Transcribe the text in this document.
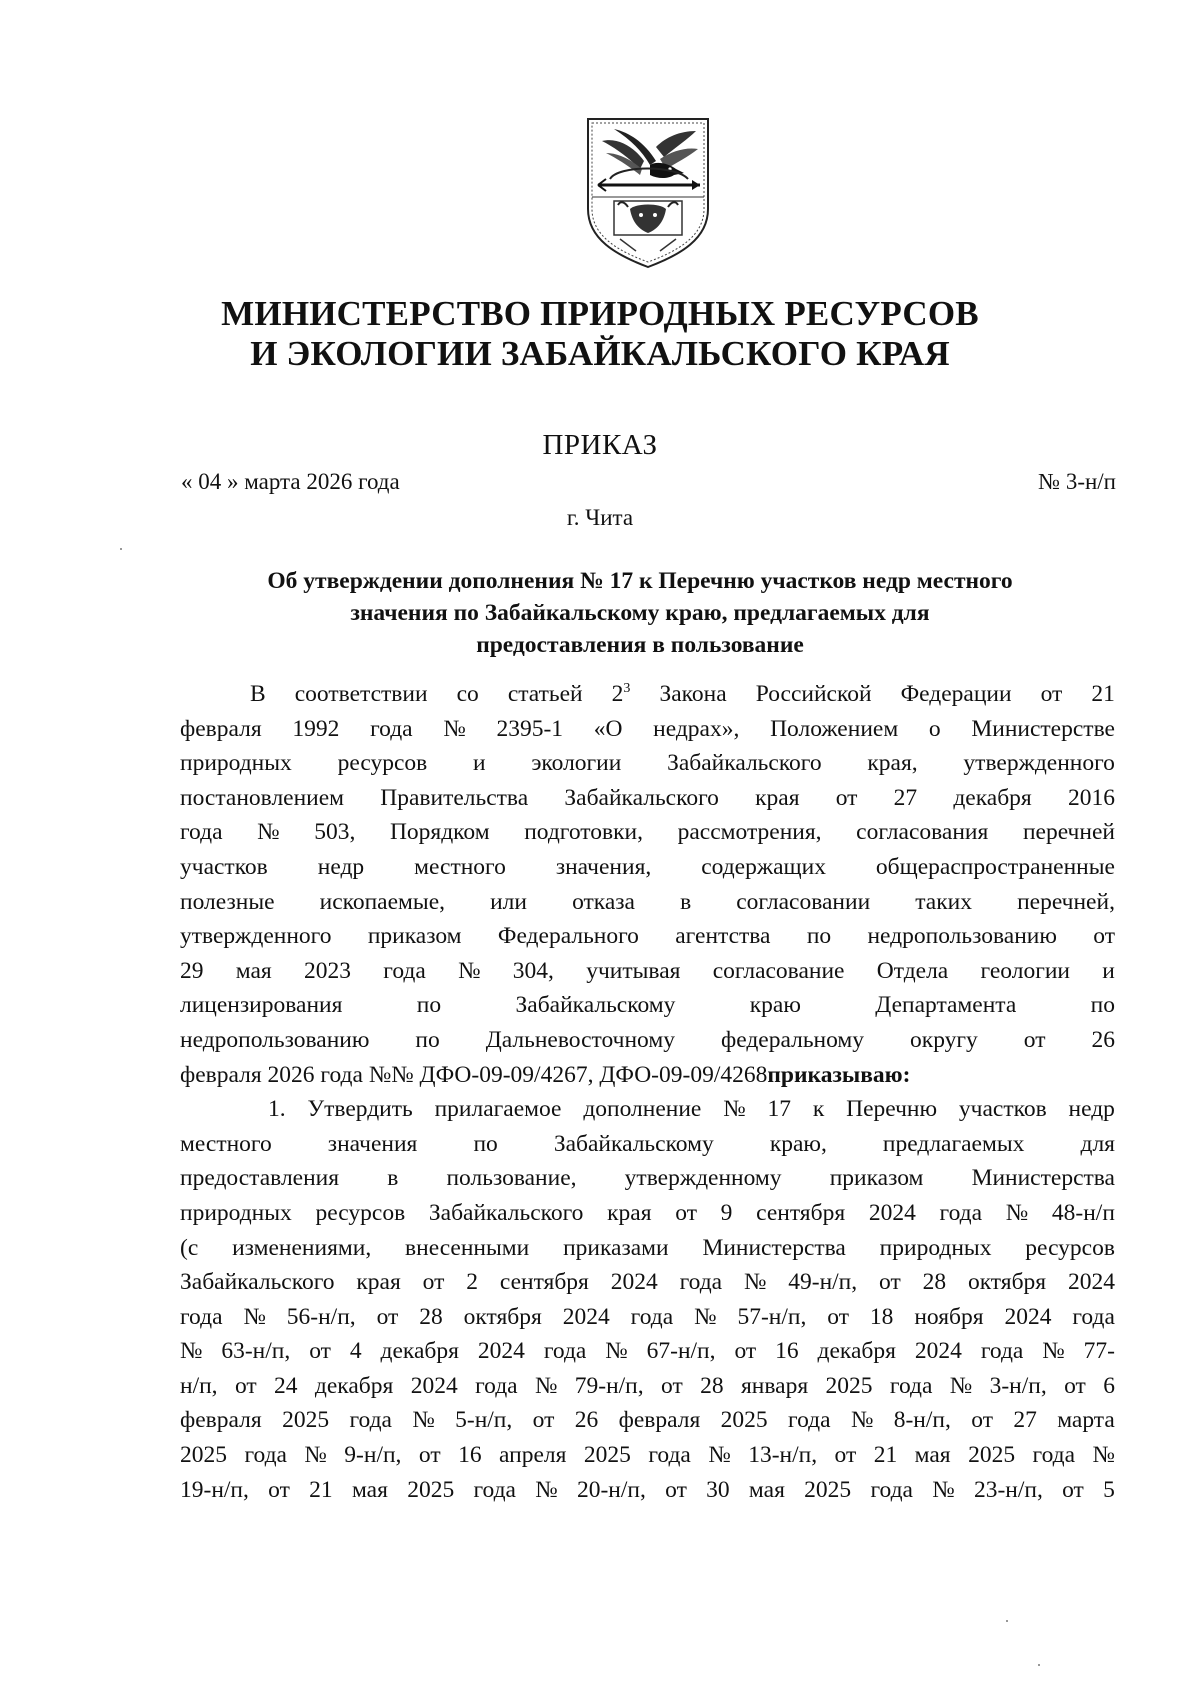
МИНИСТЕРСТВО ПРИРОДНЫХ РЕСУРСОВ
И ЭКОЛОГИИ ЗАБАЙКАЛЬСКОГО КРАЯ
ПРИКАЗ
« 04 » марта 2026 года	№ 3-н/п
г. Чита
Об утверждении дополнения № 17 к Перечню участков недр местного
значения по Забайкальскому краю, предлагаемых для
предоставления в пользование
В соответствии со статьей $2^3$ Закона Российской Федерации от 21
февраля 1992 года № 2395-1 «О недрах», Положением о Министерстве
природных ресурсов и экологии Забайкальского края, утвержденного
постановлением Правительства Забайкальского края от 27 декабря 2016
года № 503, Порядком подготовки, рассмотрения, согласования перечней
участков недр местного значения, содержащих общераспространенные
полезные ископаемые, или отказа в согласовании таких перечней,
утвержденного приказом Федерального агентства по недропользованию от
29 мая 2023 года № 304, учитывая согласование Отдела геологии и
лицензирования	по	Забайкальскому	краю	Департамента	по
недропользованию по Дальневосточному федеральному округу от 26
февраля 2026 года №№ ДФО-09-09/4267, ДФО-09-09/4268 приказываю:
1. Утвердить прилагаемое дополнение № 17 к Перечню участков недр
местного значения по Забайкальскому краю, предлагаемых для
предоставления в пользование, утвержденному приказом Министерства
природных ресурсов Забайкальского края от 9 сентября 2024 года № 48-н/п
(с изменениями, внесенными приказами Министерства природных ресурсов
Забайкальского края от 2 сентября 2024 года № 49-н/п, от 28 октября 2024
года № 56-н/п, от 28 октября 2024 года № 57-н/п, от 18 ноября 2024 года
№ 63-н/п, от 4 декабря 2024 года № 67-н/п, от 16 декабря 2024 года № 77-
н/п, от 24 декабря 2024 года № 79-н/п, от 28 января 2025 года № 3-н/п, от 6
февраля 2025 года № 5-н/п, от 26 февраля 2025 года № 8-н/п, от 27 марта
2025 года № 9-н/п, от 16 апреля 2025 года № 13-н/п, от 21 мая 2025 года №
19-н/п, от 21 мая 2025 года № 20-н/п, от 30 мая 2025 года № 23-н/п, от 5
